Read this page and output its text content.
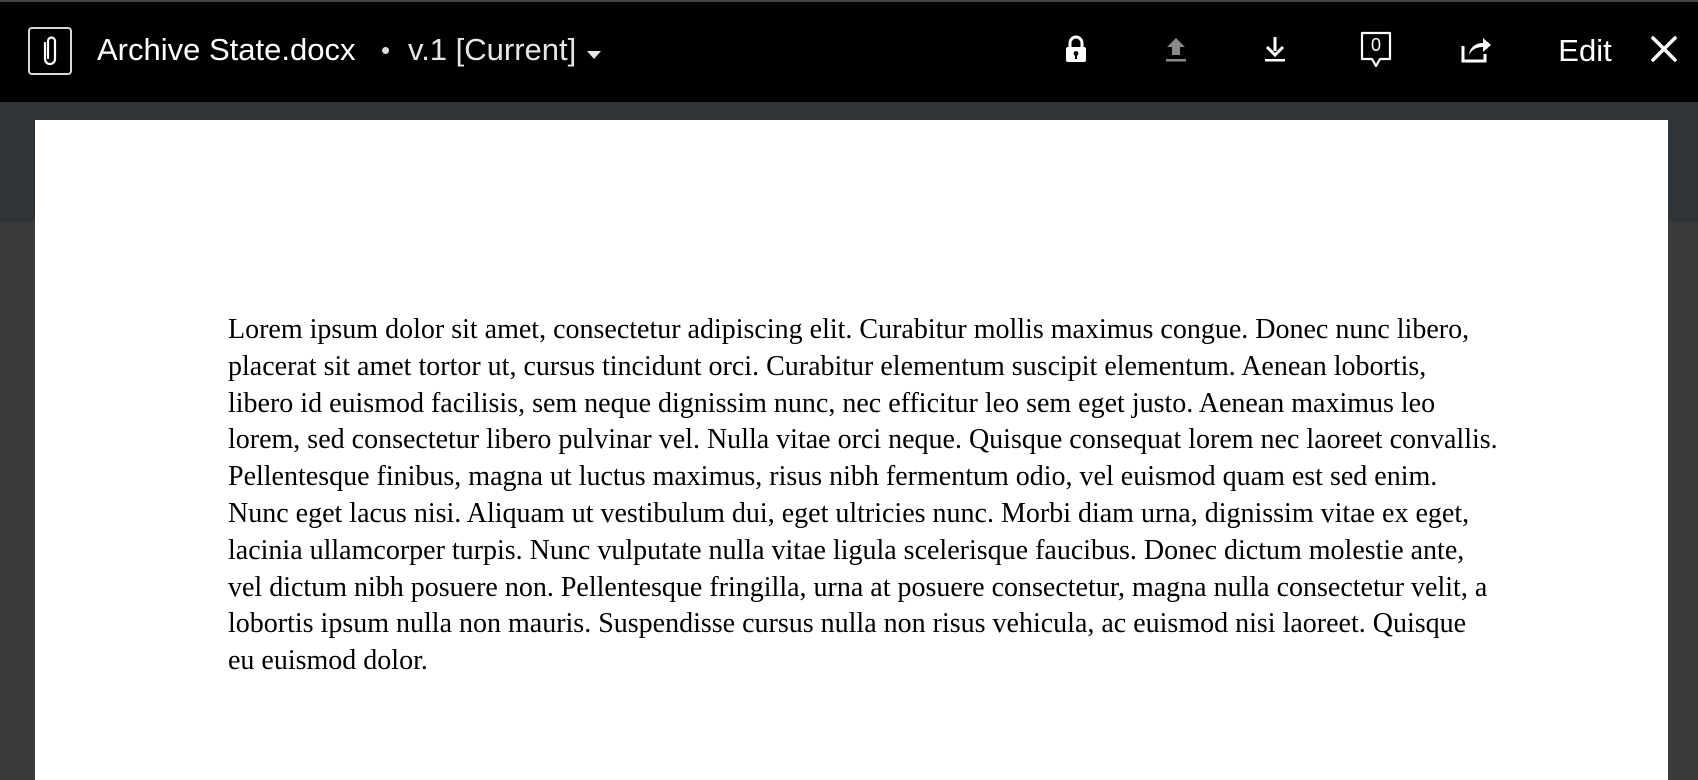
Archive State.docx • v.1 [Current]	0	Edit
Lorem ipsum dolor sit amet, consectetur adipiscing elit. Curabitur mollis maximus congue. Donec nunc libero, placerat sit amet tortor ut, cursus tincidunt orci. Curabitur elementum suscipit elementum. Aenean lobortis, libero id euismod facilisis, sem neque dignissim nunc, nec efficitur leo sem eget justo. Aenean maximus leo lorem, sed consectetur libero pulvinar vel. Nulla vitae orci neque. Quisque consequat lorem nec laoreet convallis. Pellentesque finibus, magna ut luctus maximus, risus nibh fermentum odio, vel euismod quam est sed enim. Nunc eget lacus nisi. Aliquam ut vestibulum dui, eget ultricies nunc. Morbi diam urna, dignissim vitae ex eget, lacinia ullamcorper turpis. Nunc vulputate nulla vitae ligula scelerisque faucibus. Donec dictum molestie ante, vel dictum nibh posuere non. Pellentesque fringilla, urna at posuere consectetur, magna nulla consectetur velit, a lobortis ipsum nulla non mauris. Suspendisse cursus nulla non risus vehicula, ac euismod nisi laoreet. Quisque eu euismod dolor.
